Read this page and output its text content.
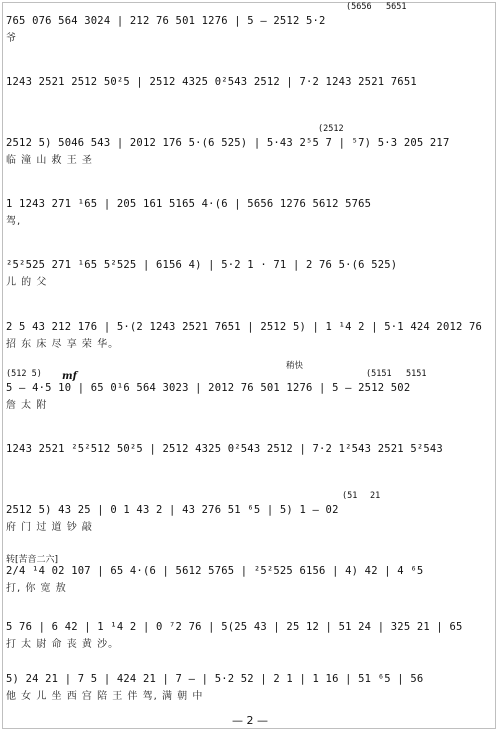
(5656 5651
765 076 564 3024 | 212 76 501 1276 | 5 — 2512 5·2
爷
1243 2521 2512 50²5 | 2512 4325 0²543 2512 | 7·2 1243 2521 7651
(2512
2512 5) 5046 543 | 2012 176 5·(6 525) | 5·43 2⁵5 7 | ⁵7) 5·3 205 217
临 潼 山 救 王 圣
1 1243 271 ¹65 | 205 161 5165 4·(6 | 5656 1276 5612 5765
驾,
²5²525 271 ¹65 5²525 | 6156 4) | 5·2 1 · 71 | 2 76 5·(6 525)
儿 的 父
2 5 43 212 176 | 5·(2 1243 2521 7651 | 2512 5) | 1 ¹4 2 | 5·1 424 2012 76
招 东 床 尽 享 荣 华。
(512 5) mf
稍快
(5151 5151
5 — 4·5 10 | 65 0¹6 564 3023 | 2012 76 501 1276 | 5 — 2512 502
詹 太 附
1243 2521 ²5²512 50²5 | 2512 4325 0²543 2512 | 7·2 1²543 2521 5²543
(51 21
2512 5) 43 25 | 0 1 43 2 | 43 276 51 ⁶5 | 5) 1 — 02
府 门 过 道 钞 敲
转[苦音二六]
2/4 ¹4 02 107 | 65 4·(6 | 5612 5765 | ²5²525 6156 | 4) 42 | 4 ⁶5
打, 你 宽 敖
5 76 | 6 42 | 1 ¹4 2 | 0 ⁷2 76 | 5(25 43 | 25 12 | 51 24 | 325 21 | 65
打 太 尉 命 丧 黄 沙。
5) 24 21 | 7 5 | 424 21 | 7 — | 5·2 52 | 2 1 | 1 16 | 51 ⁶5 | 56
他 女 儿 坐 西 宫 陪 王 伴 驾, 满 朝 中
— 2 —
